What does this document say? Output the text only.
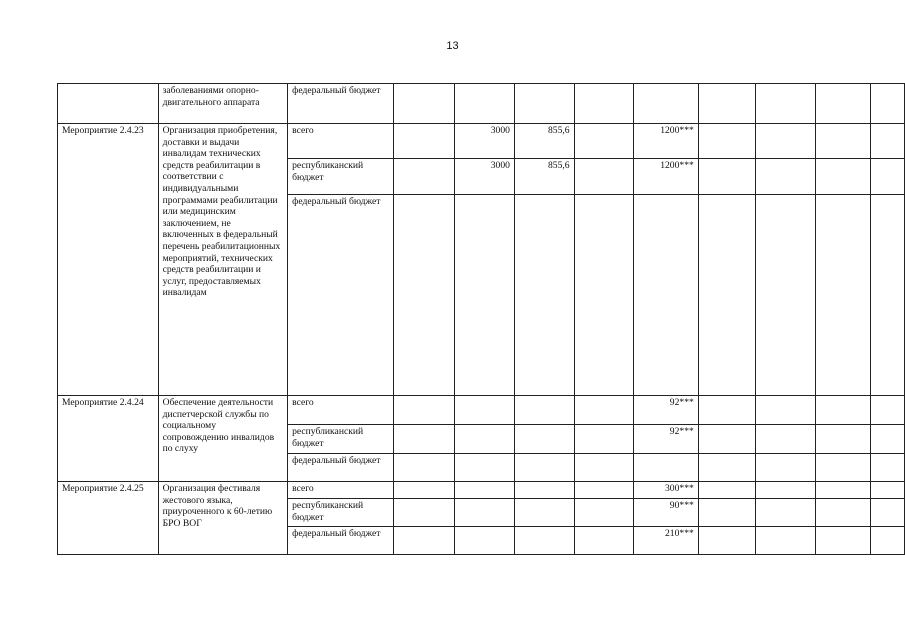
13
	заболеваниями опорно-двигательного аппарата	федеральный бюджет									
Мероприятие 2.4.23	Организация приобретения, доставки и выдачи инвалидам технических средств реабилитации в соответствии с индивидуальными программами реабилитации или медицинским заключением, не включенных в федеральный перечень реабилитационных мероприятий, технических средств реабилитации и услуг, предоставляемых инвалидам	всего		3000	855,6		1200***				
		республиканский бюджет		3000	855,6		1200***				
		федеральный бюджет									
Мероприятие 2.4.24	Обеспечение деятельности диспетчерской службы по социальному сопровождению инвалидов по слуху	всего					92***				
		республиканский бюджет					92***				
		федеральный бюджет									
Мероприятие 2.4.25	Организация фестиваля жестового языка, приуроченного к 60-летию БРО ВОГ	всего					300***				
		республиканский бюджет					90***				
		федеральный бюджет					210***				
